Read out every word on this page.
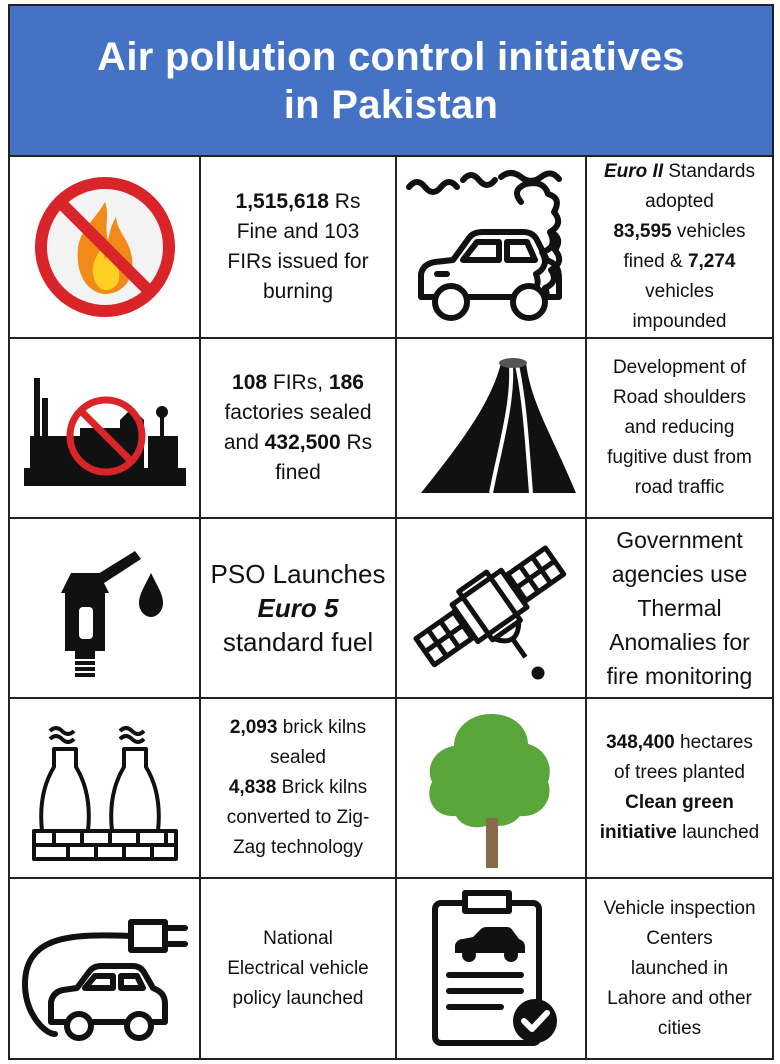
Air pollution control initiatives
in Pakistan
1,515,618 Rs
Fine and 103
FIRs issued for
burning
Euro II Standards
adopted
83,595 vehicles
fined & 7,274
vehicles
impounded
108 FIRs, 186
factories sealed
and 432,500 Rs
fined
Development of
Road shoulders
and reducing
fugitive dust from
road traffic
PSO Launches
Euro 5
standard fuel
Government
agencies use
Thermal
Anomalies for
fire monitoring
2,093 brick kilns
sealed
4,838 Brick kilns
converted to Zig-
Zag technology
348,400 hectares
of trees planted
Clean green
initiative launched
National
Electrical vehicle
policy launched
Vehicle inspection
Centers
launched in
Lahore and other
cities
